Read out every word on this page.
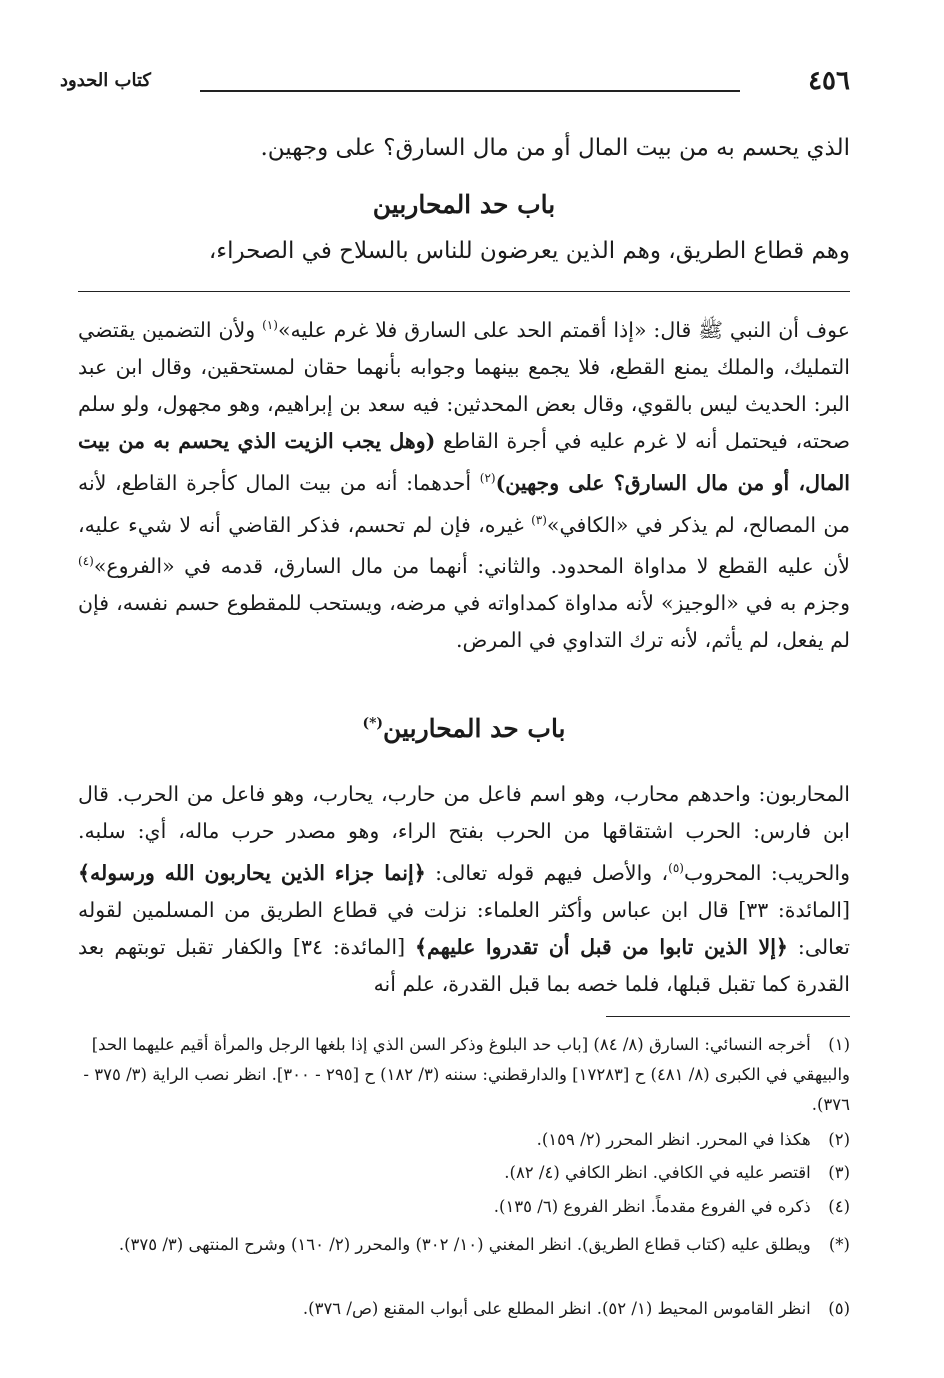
٤٥٦
كتاب الحدود
الذي يحسم به من بيت المال أو من مال السارق؟ على وجهين.
باب حد المحاربين
وهم قطاع الطريق، وهم الذين يعرضون للناس بالسلاح في الصحراء،
عوف أن النبي ﷺ قال: «إذا أقمتم الحد على السارق فلا غرم عليه»$^{(١)}$ ولأن التضمين يقتضي التمليك، والملك يمنع القطع، فلا يجمع بينهما وجوابه بأنهما حقان لمستحقين، وقال ابن عبد البر: الحديث ليس بالقوي، وقال بعض المحدثين: فيه سعد بن إبراهيم، وهو مجهول، ولو سلم صحته، فيحتمل أنه لا غرم عليه في أجرة القاطع (وهل يجب الزيت الذي يحسم به من بيت المال، أو من مال السارق؟ على وجهين)$^{(٢)}$ أحدهما: أنه من بيت المال كأجرة القاطع، لأنه من المصالح، لم يذكر في «الكافي»$^{(٣)}$ غيره، فإن لم تحسم، فذكر القاضي أنه لا شيء عليه، لأن عليه القطع لا مداواة المحدود. والثاني: أنهما من مال السارق، قدمه في «الفروع»$^{(٤)}$ وجزم به في «الوجيز» لأنه مداواة كمداواته في مرضه، ويستحب للمقطوع حسم نفسه، فإن لم يفعل، لم يأثم، لأنه ترك التداوي في المرض.
باب حد المحاربين(*)
المحاربون: واحدهم محارب، وهو اسم فاعل من حارب، يحارب، وهو فاعل من الحرب. قال ابن فارس: الحرب اشتقاقها من الحرب بفتح الراء، وهو مصدر حرب ماله، أي: سلبه. والحريب: المحروب$^{(٥)}$، والأصل فيهم قوله تعالى: ﴿إنما جزاء الذين يحاربون الله ورسوله﴾ [المائدة: ٣٣] قال ابن عباس وأكثر العلماء: نزلت في قطاع الطريق من المسلمين لقوله تعالى: ﴿إلا الذين تابوا من قبل أن تقدروا عليهم﴾ [المائدة: ٣٤] والكفار تقبل توبتهم بعد القدرة كما تقبل قبلها، فلما خصه بما قبل القدرة، علم أنه
(١) أخرجه النسائي: السارق (٨/ ٨٤) [باب حد البلوغ وذكر السن الذي إذا بلغها الرجل والمرأة أقيم عليهما الحد] والبيهقي في الكبرى (٨/ ٤٨١) ح [١٧٢٨٣] والدارقطني: سننه (٣/ ١٨٢) ح [٢٩٥ - ٣٠٠]. انظر نصب الراية (٣/ ٣٧٥ - ٣٧٦).
(٢) هكذا في المحرر. انظر المحرر (٢/ ١٥٩).
(٣) اقتصر عليه في الكافي. انظر الكافي (٤/ ٨٢).
(٤) ذكره في الفروع مقدماً. انظر الفروع (٦/ ١٣٥).
(*) ويطلق عليه (كتاب قطاع الطريق). انظر المغني (١٠/ ٣٠٢) والمحرر (٢/ ١٦٠) وشرح المنتهى (٣/ ٣٧٥).
(٥) انظر القاموس المحيط (١/ ٥٢). انظر المطلع على أبواب المقنع (ص/ ٣٧٦).
